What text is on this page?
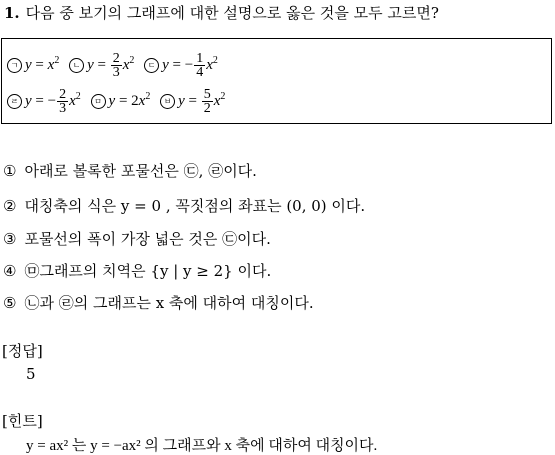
1. 다음 중 보기의 그래프에 대한 설명으로 옳은 것을 모두 고르면?
ㄱ $y = x^2$ ㄴ $y = \frac{2}{3} x^2$ ㄷ y = − $\frac{1}{4} x^2$
ㄹ y = − $\frac{2}{3} x^2$ ㅁ $y = 2x^2$ ㅂ $y = \frac{5}{2} x^2$
① 아래로 볼록한 포물선은 ㉢, ㉣이다.
② 대칭축의 식은 y = 0 , 꼭짓점의 좌표는 (0, 0) 이다.
③ 포물선의 폭이 가장 넓은 것은 ㉢이다.
④ ㉤그래프의 치역은 {y | y ≥ 2} 이다.
⑤ ㉡과 ㉣의 그래프는 x 축에 대하여 대칭이다.
[정답]
5
[힌트]
y = ax² 는 y = −ax² 의 그래프와 x 축에 대하여 대칭이다.
